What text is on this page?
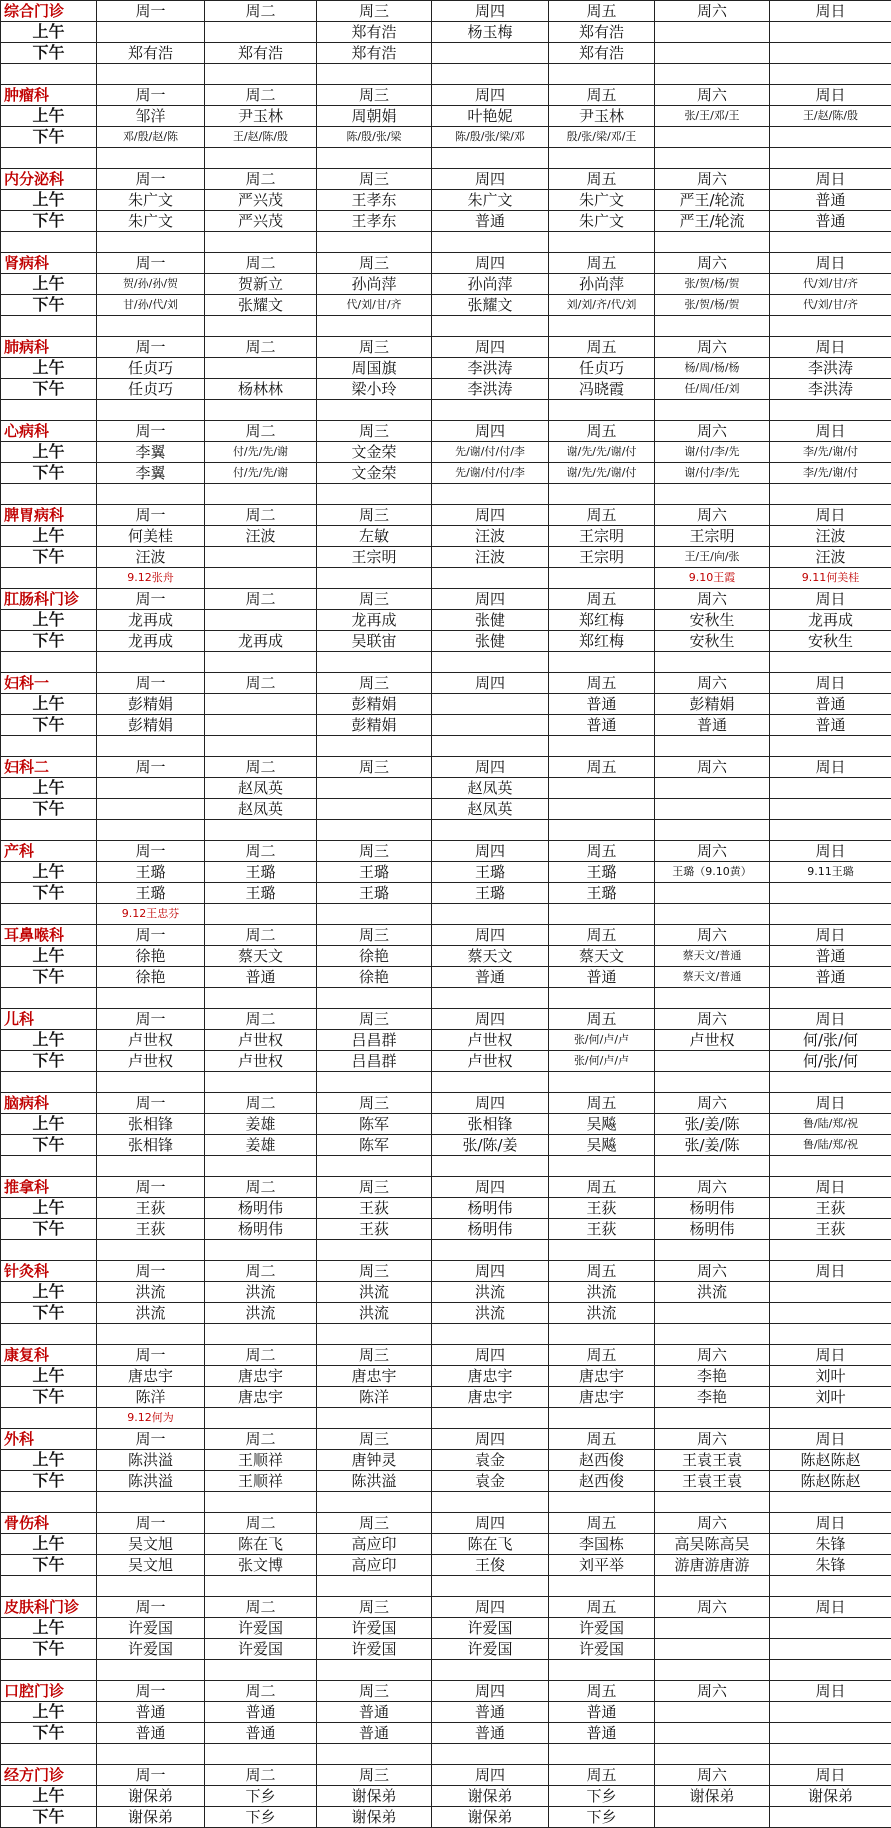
综合门诊	周一	周二	周三	周四	周五	周六	周日
上午			郑有浩	杨玉梅	郑有浩		
下午	郑有浩	郑有浩	郑有浩		郑有浩		

肿瘤科	周一	周二	周三	周四	周五	周六	周日
上午	邹洋	尹玉林	周朝娟	叶艳妮	尹玉林	张/王/邓/王	王/赵/陈/殷
下午	邓/殷/赵/陈	王/赵/陈/殷	陈/殷/张/梁	陈/殷/张/梁/邓	殷/张/梁/邓/王		

内分泌科	周一	周二	周三	周四	周五	周六	周日
上午	朱广文	严兴茂	王孝东	朱广文	朱广文	严王/轮流	普通
下午	朱广文	严兴茂	王孝东	普通	朱广文	严王/轮流	普通

肾病科	周一	周二	周三	周四	周五	周六	周日
上午	贺/孙/孙/贺	贺新立	孙尚萍	孙尚萍	孙尚萍	张/贺/杨/贺	代/刘/甘/齐
下午	甘/孙/代/刘	张耀文	代/刘/甘/齐	张耀文	刘/刘/齐/代/刘	张/贺/杨/贺	代/刘/甘/齐

肺病科	周一	周二	周三	周四	周五	周六	周日
上午	任贞巧		周国旗	李洪涛	任贞巧	杨/周/杨/杨	李洪涛
下午	任贞巧	杨林林	梁小玲	李洪涛	冯晓霞	任/周/任/刘	李洪涛

心病科	周一	周二	周三	周四	周五	周六	周日
上午	李翼	付/先/先/谢	文金荣	先/谢/付/付/李	谢/先/先/谢/付	谢/付/李/先	李/先/谢/付
下午	李翼	付/先/先/谢	文金荣	先/谢/付/付/李	谢/先/先/谢/付	谢/付/李/先	李/先/谢/付

脾胃病科	周一	周二	周三	周四	周五	周六	周日
上午	何美桂	汪波	左敏	汪波	王宗明	王宗明	汪波
下午	汪波		王宗明	汪波	王宗明	王/王/向/张	汪波
	9.12张舟					9.10王霞	9.11何美桂
肛肠科门诊	周一	周二	周三	周四	周五	周六	周日
上午	龙再成		龙再成	张健	郑红梅	安秋生	龙再成
下午	龙再成	龙再成	吴联宙	张健	郑红梅	安秋生	安秋生

妇科一	周一	周二	周三	周四	周五	周六	周日
上午	彭精娟		彭精娟		普通	彭精娟	普通
下午	彭精娟		彭精娟		普通	普通	普通

妇科二	周一	周二	周三	周四	周五	周六	周日
上午		赵凤英		赵凤英			
下午		赵凤英		赵凤英			

产科	周一	周二	周三	周四	周五	周六	周日
上午	王璐	王璐	王璐	王璐	王璐	王璐（9.10黄）	9.11王璐
下午	王璐	王璐	王璐	王璐	王璐		
	9.12王忠芬						
耳鼻喉科	周一	周二	周三	周四	周五	周六	周日
上午	徐艳	蔡天文	徐艳	蔡天文	蔡天文	蔡天文/普通	普通
下午	徐艳	普通	徐艳	普通	普通	蔡天文/普通	普通

儿科	周一	周二	周三	周四	周五	周六	周日
上午	卢世权	卢世权	吕昌群	卢世权	张/何/卢/卢	卢世权	何/张/何
下午	卢世权	卢世权	吕昌群	卢世权	张/何/卢/卢		何/张/何

脑病科	周一	周二	周三	周四	周五	周六	周日
上午	张相锋	姜雄	陈军	张相锋	吴飚	张/姜/陈	鲁/陆/郑/祝
下午	张相锋	姜雄	陈军	张/陈/姜	吴飚	张/姜/陈	鲁/陆/郑/祝

推拿科	周一	周二	周三	周四	周五	周六	周日
上午	王荻	杨明伟	王荻	杨明伟	王荻	杨明伟	王荻
下午	王荻	杨明伟	王荻	杨明伟	王荻	杨明伟	王荻

针灸科	周一	周二	周三	周四	周五	周六	周日
上午	洪流	洪流	洪流	洪流	洪流	洪流	
下午	洪流	洪流	洪流	洪流	洪流		

康复科	周一	周二	周三	周四	周五	周六	周日
上午	唐忠宇	唐忠宇	唐忠宇	唐忠宇	唐忠宇	李艳	刘叶
下午	陈洋	唐忠宇	陈洋	唐忠宇	唐忠宇	李艳	刘叶
	9.12何为						
外科	周一	周二	周三	周四	周五	周六	周日
上午	陈洪溢	王顺祥	唐钟灵	袁金	赵西俊	王袁王袁	陈赵陈赵
下午	陈洪溢	王顺祥	陈洪溢	袁金	赵西俊	王袁王袁	陈赵陈赵

骨伤科	周一	周二	周三	周四	周五	周六	周日
上午	吴文旭	陈在飞	高应印	陈在飞	李国栋	高吴陈高吴	朱锋
下午	吴文旭	张文博	高应印	王俊	刘平举	游唐游唐游	朱锋

皮肤科门诊	周一	周二	周三	周四	周五	周六	周日
上午	许爱国	许爱国	许爱国	许爱国	许爱国		
下午	许爱国	许爱国	许爱国	许爱国	许爱国		

口腔门诊	周一	周二	周三	周四	周五	周六	周日
上午	普通	普通	普通	普通	普通		
下午	普通	普通	普通	普通	普通		

经方门诊	周一	周二	周三	周四	周五	周六	周日
上午	谢保弟	下乡	谢保弟	谢保弟	下乡	谢保弟	谢保弟
下午	谢保弟	下乡	谢保弟	谢保弟	下乡		
